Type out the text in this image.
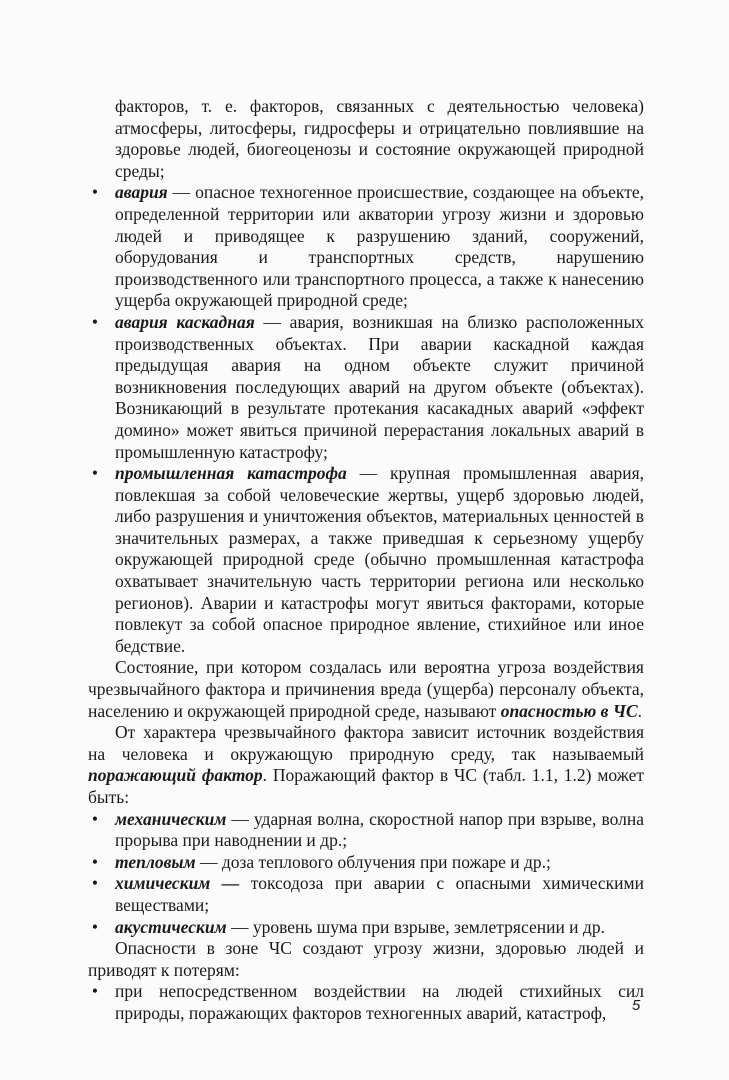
факторов, т. е. факторов, связанных с деятельностью человека) атмосферы, литосферы, гидросферы и отрицательно повлиявшие на здоровье людей, биогеоценозы и состояние окружающей природной среды;

• авария — опасное техногенное происшествие, создающее на объекте, определенной территории или акватории угрозу жизни и здоровью людей и приводящее к разрушению зданий, сооружений, оборудования и транспортных средств, нарушению производственного или транспортного процесса, а также к нанесению ущерба окружающей природной среде;

• авария каскадная — авария, возникшая на близко расположенных производственных объектах. При аварии каскадной каждая предыдущая авария на одном объекте служит причиной возникновения последующих аварий на другом объекте (объектах). Возникающий в результате протекания касакадных аварий «эффект домино» может явиться причиной перерастания локальных аварий в промышленную катастрофу;

• промышленная катастрофа — крупная промышленная авария, повлекшая за собой человеческие жертвы, ущерб здоровью людей, либо разрушения и уничтожения объектов, материальных ценностей в значительных размерах, а также приведшая к серьезному ущербу окружающей природной среде (обычно промышленная катастрофа охватывает значительную часть территории региона или несколько регионов). Аварии и катастрофы могут явиться факторами, которые повлекут за собой опасное природное явление, стихийное или иное бедствие.

Состояние, при котором создалась или вероятна угроза воздействия чрезвычайного фактора и причинения вреда (ущерба) персоналу объекта, населению и окружающей природной среде, называют опасностью в ЧС.

От характера чрезвычайного фактора зависит источник воздействия на человека и окружающую природную среду, так называемый поражающий фактор. Поражающий фактор в ЧС (табл. 1.1, 1.2) может быть:

• механическим — ударная волна, скоростной напор при взрыве, волна прорыва при наводнении и др.;

• тепловым — доза теплового облучения при пожаре и др.;

• химическим — токсодоза при аварии с опасными химическими веществами;

• акустическим — уровень шума при взрыве, землетрясении и др.

Опасности в зоне ЧС создают угрозу жизни, здоровью людей и приводят к потерям:

• при непосредственном воздействии на людей стихийных сил природы, поражающих факторов техногенных аварий, катастроф,	5
